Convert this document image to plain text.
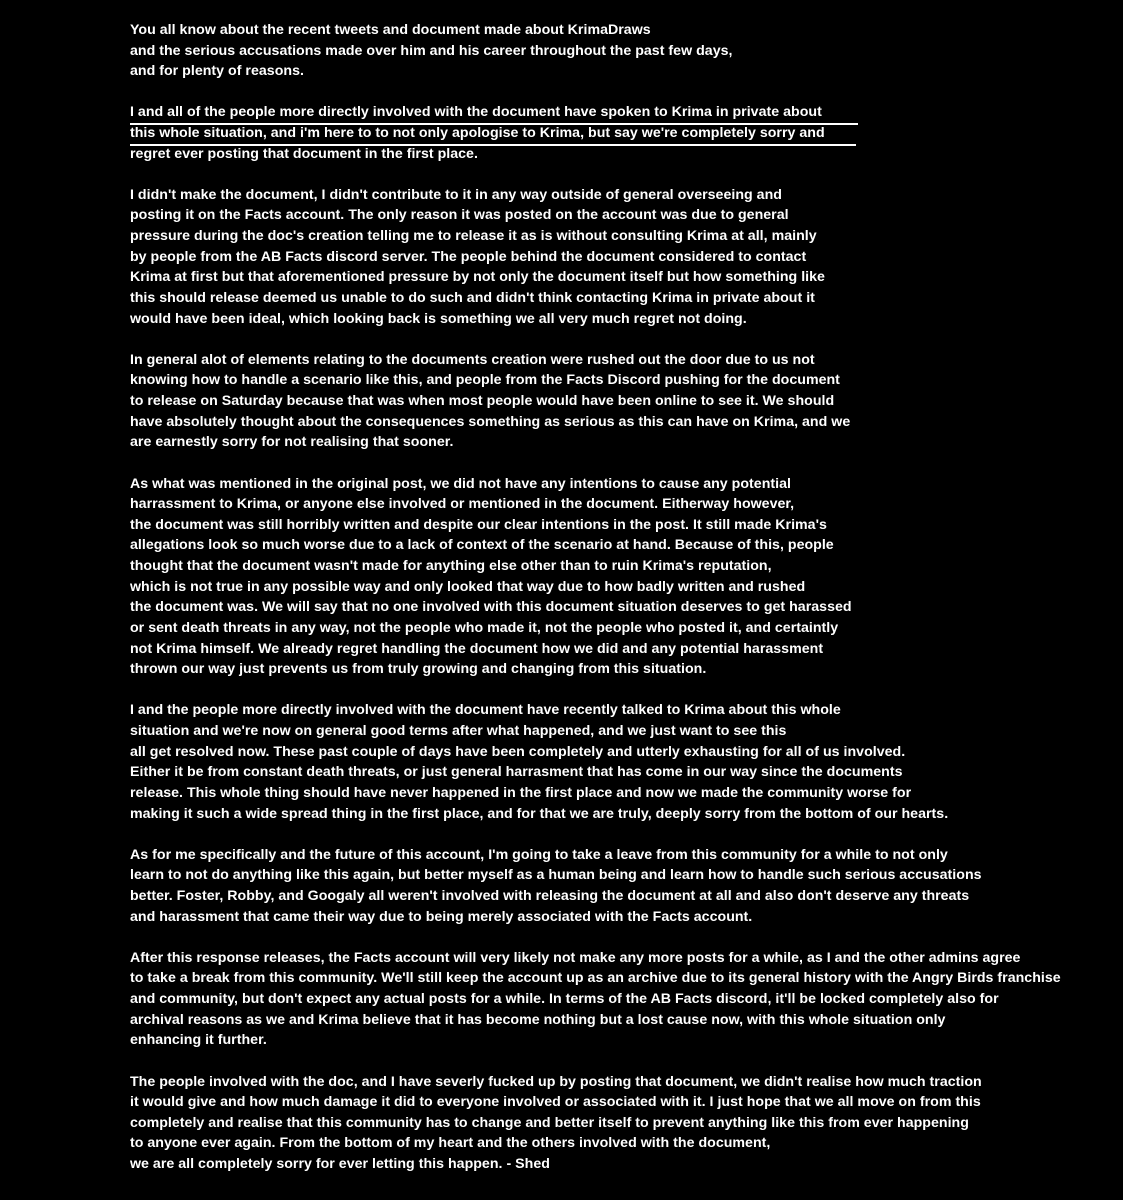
You all know about the recent tweets and document made about KrimaDraws
and the serious accusations made over him and his career throughout the past few days,
and for plenty of reasons.
I and all of the people more directly involved with the document have spoken to Krima in private about
this whole situation, and i'm here to to not only apologise to Krima, but say we're completely sorry and
regret ever posting that document in the first place.
I didn't make the document, I didn't contribute to it in any way outside of general overseeing and
posting it on the Facts account. The only reason it was posted on the account was due to general
pressure during the doc's creation telling me to release it as is without consulting Krima at all, mainly
by people from the AB Facts discord server. The people behind the document considered to contact
Krima at first but that aforementioned pressure by not only the document itself but how something like
this should release deemed us unable to do such and didn't think contacting Krima in private about it
would have been ideal, which looking back is something we all very much regret not doing.
In general alot of elements relating to the documents creation were rushed out the door due to us not
knowing how to handle a scenario like this, and people from the Facts Discord pushing for the document
to release on Saturday because that was when most people would have been online to see it. We should
have absolutely thought about the consequences something as serious as this can have on Krima, and we
are earnestly sorry for not realising that sooner.
As what was mentioned in the original post, we did not have any intentions to cause any potential
harrassment to Krima, or anyone else involved or mentioned in the document. Eitherway however,
the document was still horribly written and despite our clear intentions in the post. It still made Krima's
allegations look so much worse due to a lack of context of the scenario at hand. Because of this, people
thought that the document wasn't made for anything else other than to ruin Krima's reputation,
which is not true in any possible way and only looked that way due to how badly written and rushed
the document was. We will say that no one involved with this document situation deserves to get harassed
or sent death threats in any way, not the people who made it, not the people who posted it, and certaintly
not Krima himself. We already regret handling the document how we did and any potential harassment
thrown our way just prevents us from truly growing and changing from this situation.
I and the people more directly involved with the document have recently talked to Krima about this whole
situation and we're now on general good terms after what happened, and we just want to see this
all get resolved now. These past couple of days have been completely and utterly exhausting for all of us involved.
Either it be from constant death threats, or just general harrasment that has come in our way since the documents
release. This whole thing should have never happened in the first place and now we made the community worse for
making it such a wide spread thing in the first place, and for that we are truly, deeply sorry from the bottom of our hearts.
As for me specifically and the future of this account, I'm going to take a leave from this community for a while to not only
learn to not do anything like this again, but better myself as a human being and learn how to handle such serious accusations
better. Foster, Robby, and Googaly all weren't involved with releasing the document at all and also don't deserve any threats
and harassment that came their way due to being merely associated with the Facts account.
After this response releases, the Facts account will very likely not make any more posts for a while, as I and the other admins agree
to take a break from this community. We'll still keep the account up as an archive due to its general history with the Angry Birds franchise
and community, but don't expect any actual posts for a while. In terms of the AB Facts discord, it'll be locked completely also for
archival reasons as we and Krima believe that it has become nothing but a lost cause now, with this whole situation only
enhancing it further.
The people involved with the doc, and I have severly fucked up by posting that document, we didn't realise how much traction
it would give and how much damage it did to everyone involved or associated with it. I just hope that we all move on from this
completely and realise that this community has to change and better itself to prevent anything like this from ever happening
to anyone ever again. From the bottom of my heart and the others involved with the document,
we are all completely sorry for ever letting this happen. - Shed
